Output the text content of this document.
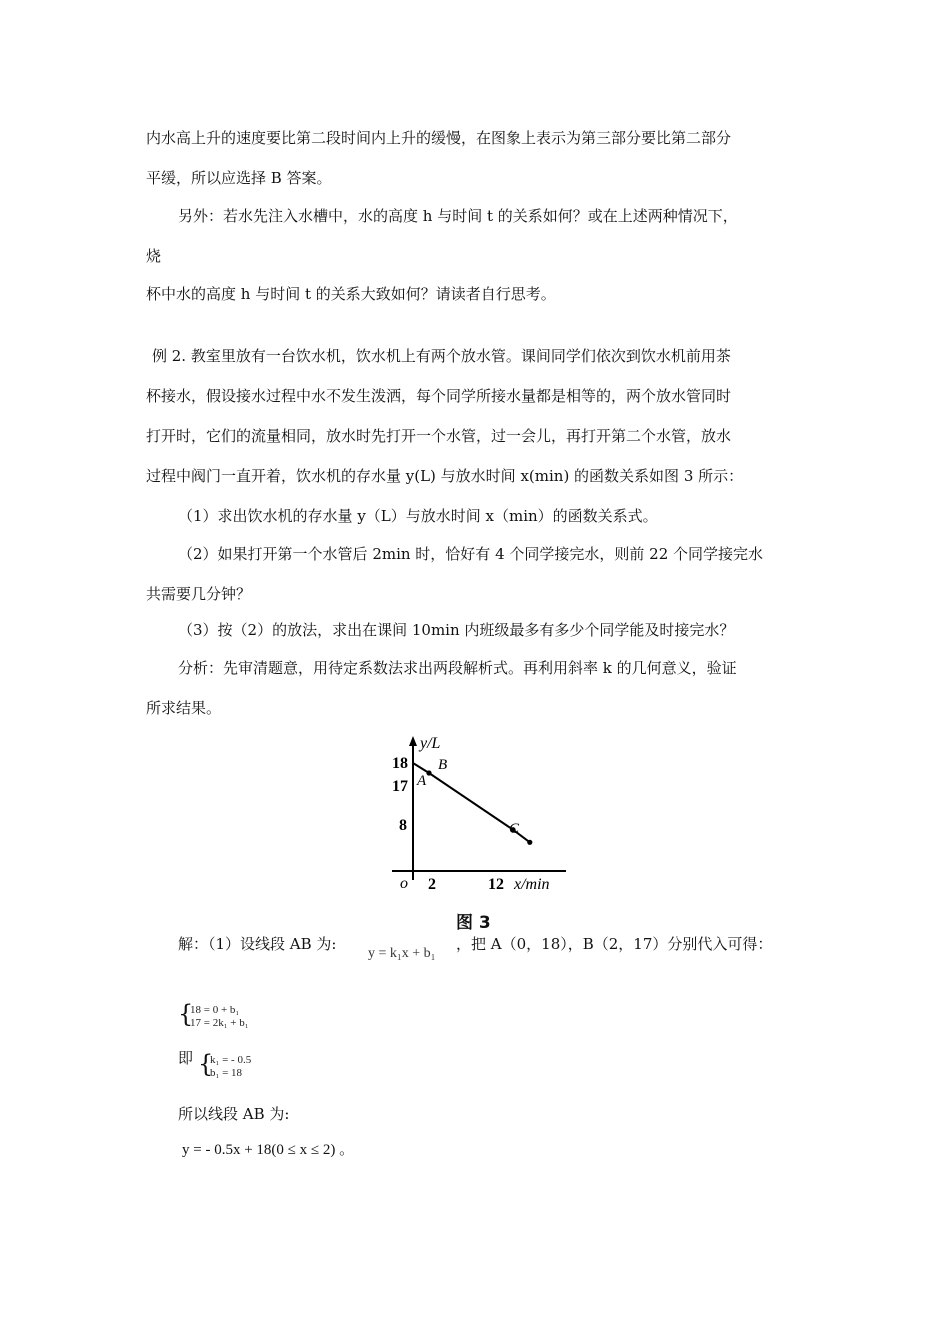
内水高上升的速度要比第二段时间内上升的缓慢，在图象上表示为第三部分要比第二部分
平缓，所以应选择 B 答案。
另外：若水先注入水槽中，水的高度 h 与时间 t 的关系如何？或在上述两种情况下，
烧
杯中水的高度 h 与时间 t 的关系大致如何？请读者自行思考。
例 2. 教室里放有一台饮水机，饮水机上有两个放水管。课间同学们依次到饮水机前用茶
杯接水，假设接水过程中水不发生泼洒，每个同学所接水量都是相等的，两个放水管同时
打开时，它们的流量相同，放水时先打开一个水管，过一会儿，再打开第二个水管，放水
过程中阀门一直开着，饮水机的存水量 y(L) 与放水时间 x(min) 的函数关系如图 3 所示：
（1）求出饮水机的存水量 y（L）与放水时间 x（min）的函数关系式。
（2）如果打开第一个水管后 2min 时，恰好有 4 个同学接完水，则前 22 个同学接完水
共需要几分钟？
（3）按（2）的放法，求出在课间 10min 内班级最多有多少个同学能及时接完水？
分析：先审清题意，用待定系数法求出两段解析式。再利用斜率 k 的几何意义，验证
所求结果。
y/L
x/min
o
18
17
8
2	12
A
B
C
图 3
解：（1）设线段 AB 为:
y = k₁x + b₁
，把 A（0，18），B（2，17）分别代入可得：
{
18 = 0 + b₁
17 = 2k₁ + b₁
即 {
k₁ = - 0.5
b₁ = 18
所以线段 AB 为:
y = - 0.5x + 18(0 ≤ x ≤ 2) 。
